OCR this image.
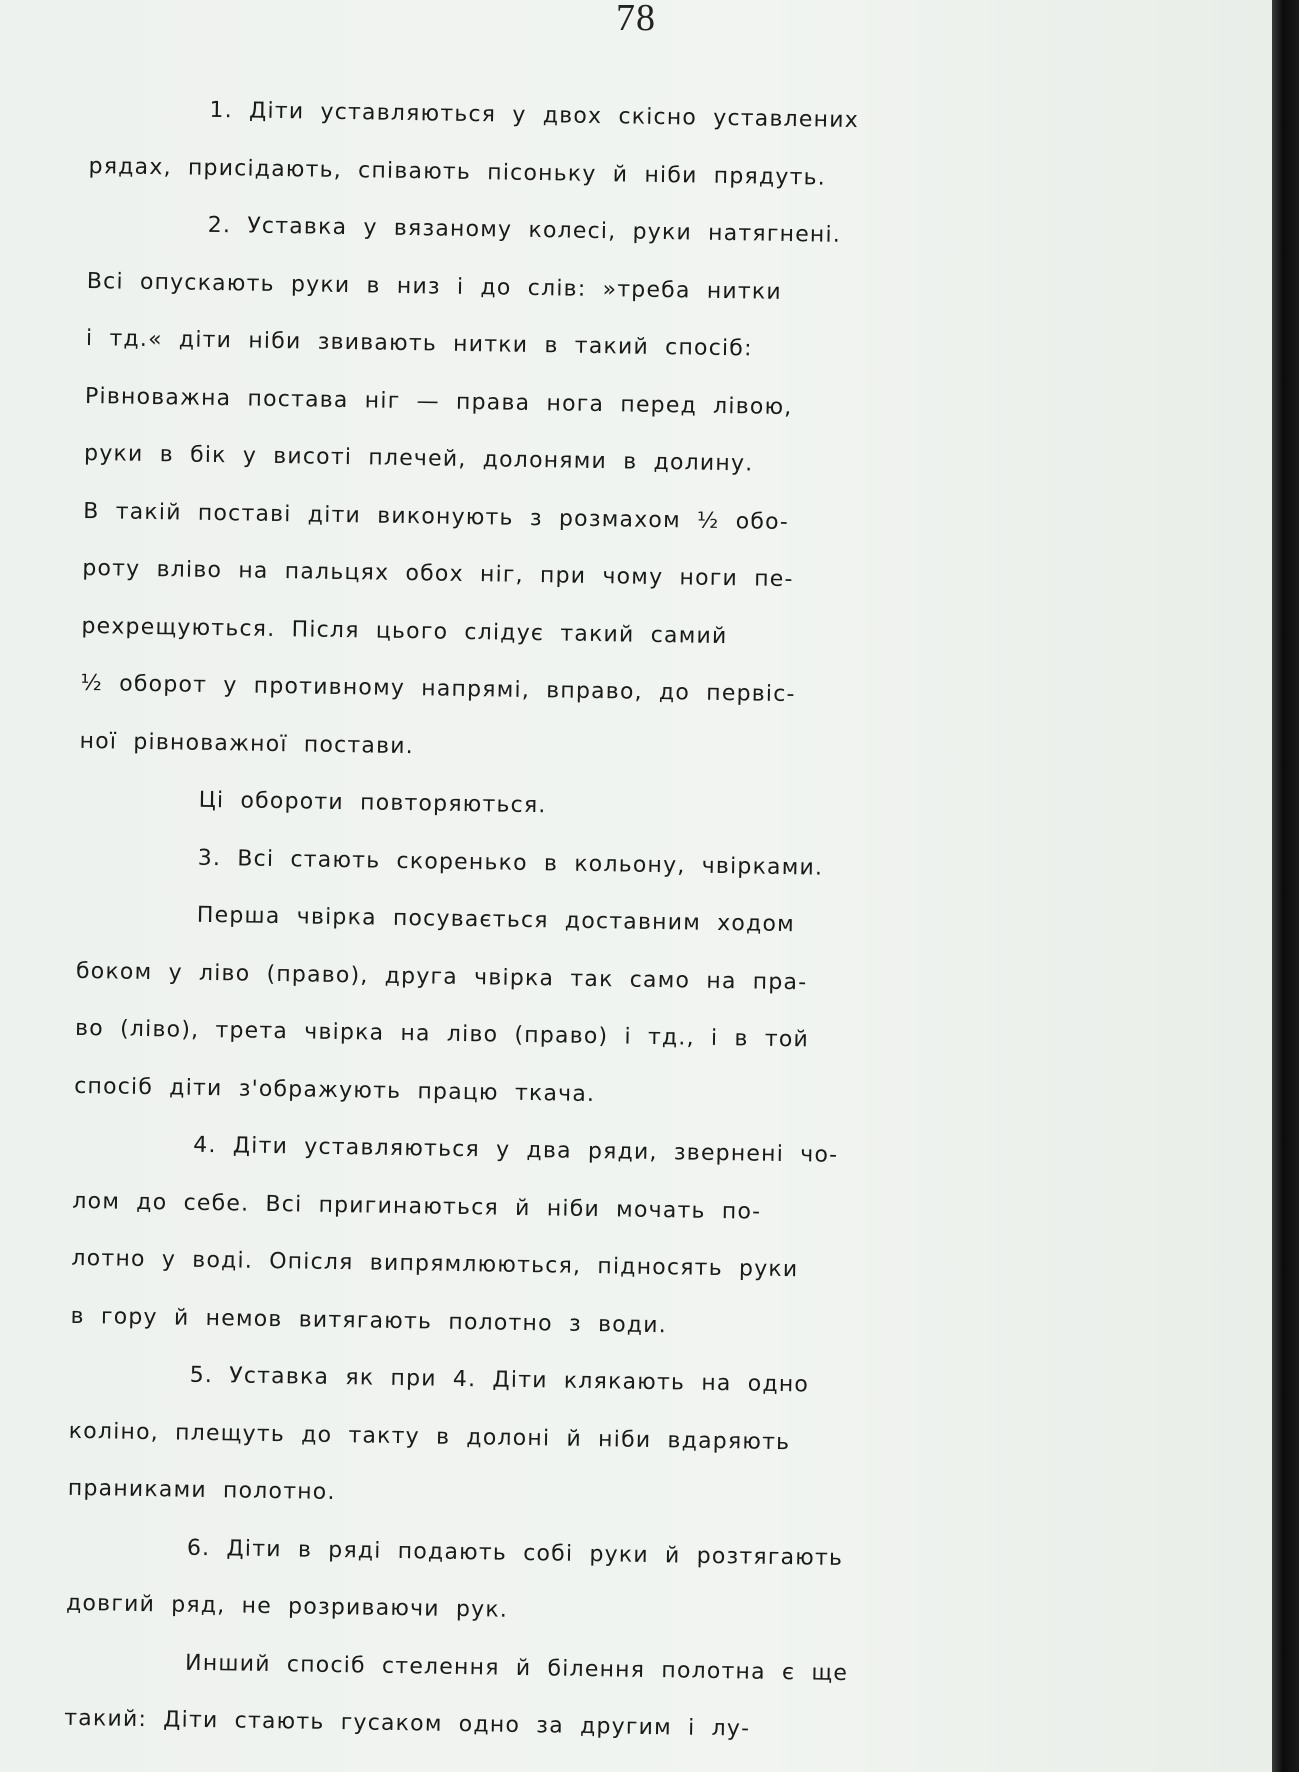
78
1. Діти уставляються у двох скісно уставлених
рядах, присідають, співають пісоньку й ніби прядуть.
2. Уставка у вязаному колесі, руки натягнені.
Всі опускають руки в низ і до слів: »треба нитки
і тд.« діти ніби звивають нитки в такий спосіб:
Рівноважна постава ніг — права нога перед лівою,
руки в бік у висоті плечей, долонями в долину.
В такій поставі діти виконують з розмахом ½ обо-
роту вліво на пальцях обох ніг, при чому ноги пе-
рехрещуються. Після цього слідує такий самий
½ оборот у противному напрямі, вправо, до первіс-
ної рівноважної постави.
Ці обороти повторяються.
3. Всі стають скоренько в кольону, чвірками.
Перша чвірка посувається доставним ходом
боком у ліво (право), друга чвірка так само на пра-
во (ліво), трета чвірка на ліво (право) і тд., і в той
спосіб діти з'ображують працю ткача.
4. Діти уставляються у два ряди, звернені чо-
лом до себе. Всі пригинаються й ніби мочать по-
лотно у воді. Опісля випрямлюються, підносять руки
в гору й немов витягають полотно з води.
5. Уставка як при 4. Діти клякають на одно
коліно, плещуть до такту в долоні й ніби вдаряють
праниками полотно.
6. Діти в ряді подають собі руки й розтягають
довгий ряд, не розриваючи рук.
Инший спосіб стелення й білення полотна є ще
такий: Діти стають гусаком одно за другим і лу-
